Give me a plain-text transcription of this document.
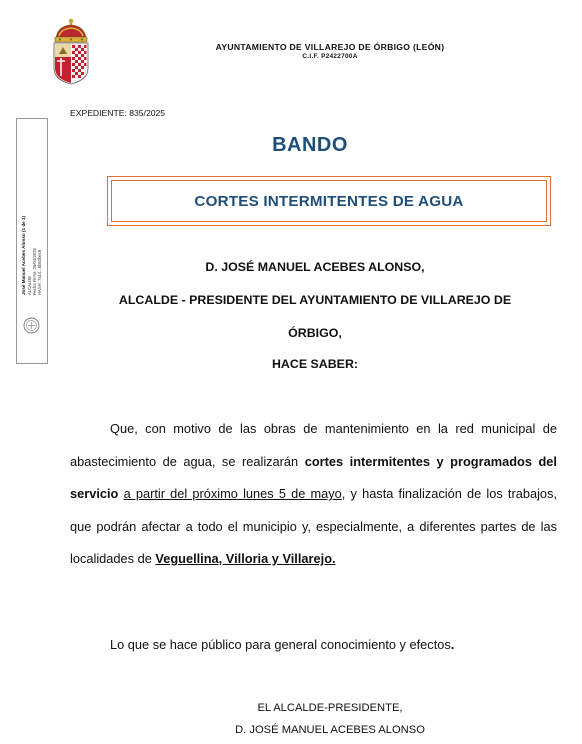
AYUNTAMIENTO DE VILLAREJO DE ÓRBIGO (LEÓN)
C.I.F. P2422700A
José Manuel Acebes Alonso (1 de 1) ALCALDE Fecha Firma: 29/04/2025 HASH: 7a14...5b82bec9
EXPEDIENTE: 835/2025
BANDO
CORTES INTERMITENTES DE AGUA
D. JOSÉ MANUEL ACEBES ALONSO,
ALCALDE - PRESIDENTE DEL AYUNTAMIENTO DE VILLAREJO DE
ÓRBIGO,
HACE SABER:
Que, con motivo de las obras de mantenimiento en la red municipal de abastecimiento de agua, se realizarán cortes intermitentes y programados del servicio a partir del próximo lunes 5 de mayo, y hasta finalización de los trabajos, que podrán afectar a todo el municipio y, especialmente, a diferentes partes de las localidades de Veguellina, Villoria y Villarejo.
Lo que se hace público para general conocimiento y efectos.
EL ALCALDE-PRESIDENTE,
D. JOSÉ MANUEL ACEBES ALONSO
